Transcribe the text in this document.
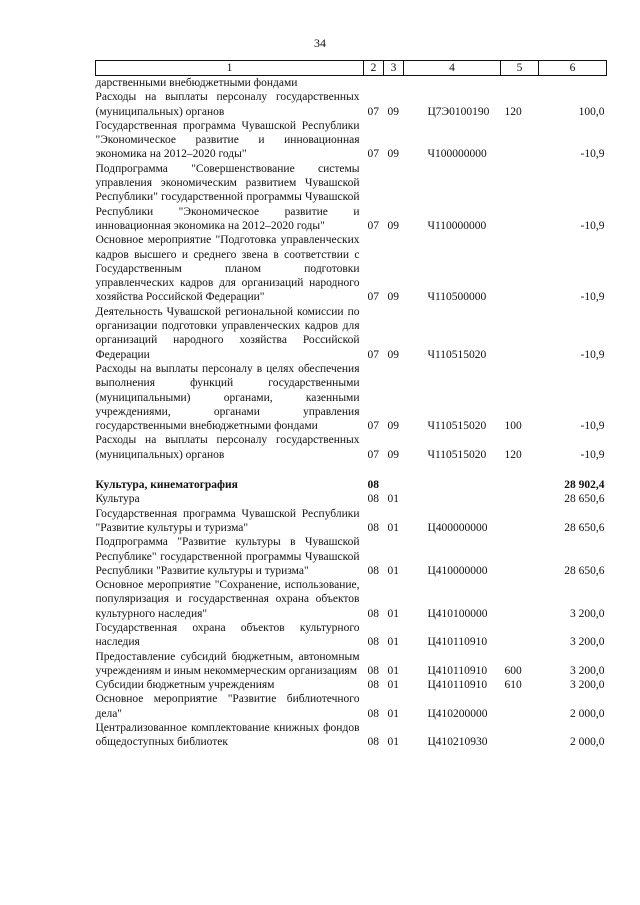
34
1	2	3	4	5	6
дарственными внебюджетными фондами					
Расходы на выплаты персоналу государственных (муниципальных) органов	07	09	Ц7Э0100190	120	100,0
Государственная программа Чувашской Республики "Экономическое развитие и инновационная экономика на 2012–2020 годы"	07	09	Ч100000000		-10,9
Подпрограмма "Совершенствование системы управления экономическим развитием Чувашской Республики" государственной программы Чувашской Республики "Экономическое развитие и инновационная экономика на 2012–2020 годы"	07	09	Ч110000000		-10,9
Основное мероприятие "Подготовка управленческих кадров высшего и среднего звена в соответствии с Государственным планом подготовки управленческих кадров для организаций народного хозяйства Российской Федерации"	07	09	Ч110500000		-10,9
Деятельность Чувашской региональной комиссии по организации подготовки управленческих кадров для организаций народного хозяйства Российской Федерации	07	09	Ч110515020		-10,9
Расходы на выплаты персоналу в целях обеспечения выполнения функций государственными (муниципальными) органами, казенными учреждениями, органами управления государственными внебюджетными фондами	07	09	Ч110515020	100	-10,9
Расходы на выплаты персоналу государственных (муниципальных) органов	07	09	Ч110515020	120	-10,9

Культура, кинематография	08				28 902,4
Культура	08	01			28 650,6
Государственная программа Чувашской Республики "Развитие культуры и туризма"	08	01	Ц400000000		28 650,6
Подпрограмма "Развитие культуры в Чувашской Республике" государственной программы Чувашской Республики "Развитие культуры и туризма"	08	01	Ц410000000		28 650,6
Основное мероприятие "Сохранение, использование, популяризация и государственная охрана объектов культурного наследия"	08	01	Ц410100000		3 200,0
Государственная охрана объектов культурного наследия	08	01	Ц410110910		3 200,0
Предоставление субсидий бюджетным, автономным учреждениям и иным некоммерческим организациям	08	01	Ц410110910	600	3 200,0
Субсидии бюджетным учреждениям	08	01	Ц410110910	610	3 200,0
Основное мероприятие "Развитие библиотечного дела"	08	01	Ц410200000		2 000,0
Централизованное комплектование книжных фондов общедоступных библиотек	08	01	Ц410210930		2 000,0
